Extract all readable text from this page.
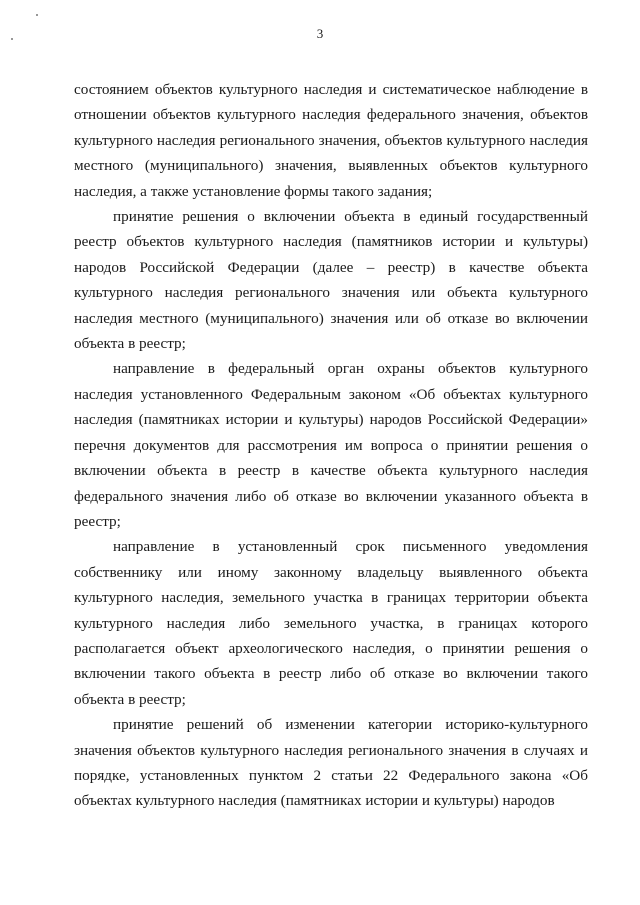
3

состоянием объектов культурного наследия и систематическое наблюдение в отношении объектов культурного наследия федерального значения, объектов культурного наследия регионального значения, объектов культурного наследия местного (муниципального) значения, выявленных объектов культурного наследия, а также установление формы такого задания;

принятие решения о включении объекта в единый государственный реестр объектов культурного наследия (памятников истории и культуры) народов Российской Федерации (далее – реестр) в качестве объекта культурного наследия регионального значения или объекта культурного наследия местного (муниципального) значения или об отказе во включении объекта в реестр;

направление в федеральный орган охраны объектов культурного наследия установленного Федеральным законом «Об объектах культурного наследия (памятниках истории и культуры) народов Российской Федерации» перечня документов для рассмотрения им вопроса о принятии решения о включении объекта в реестр в качестве объекта культурного наследия федерального значения либо об отказе во включении указанного объекта в реестр;

направление в установленный срок письменного уведомления собственнику или иному законному владельцу выявленного объекта культурного наследия, земельного участка в границах территории объекта культурного наследия либо земельного участка, в границах которого располагается объект археологического наследия, о принятии решения о включении такого объекта в реестр либо об отказе во включении такого объекта в реестр;

принятие решений об изменении категории историко-культурного значения объектов культурного наследия регионального значения в случаях и порядке, установленных пунктом 2 статьи 22 Федерального закона «Об объектах культурного наследия (памятниках истории и культуры) народов
